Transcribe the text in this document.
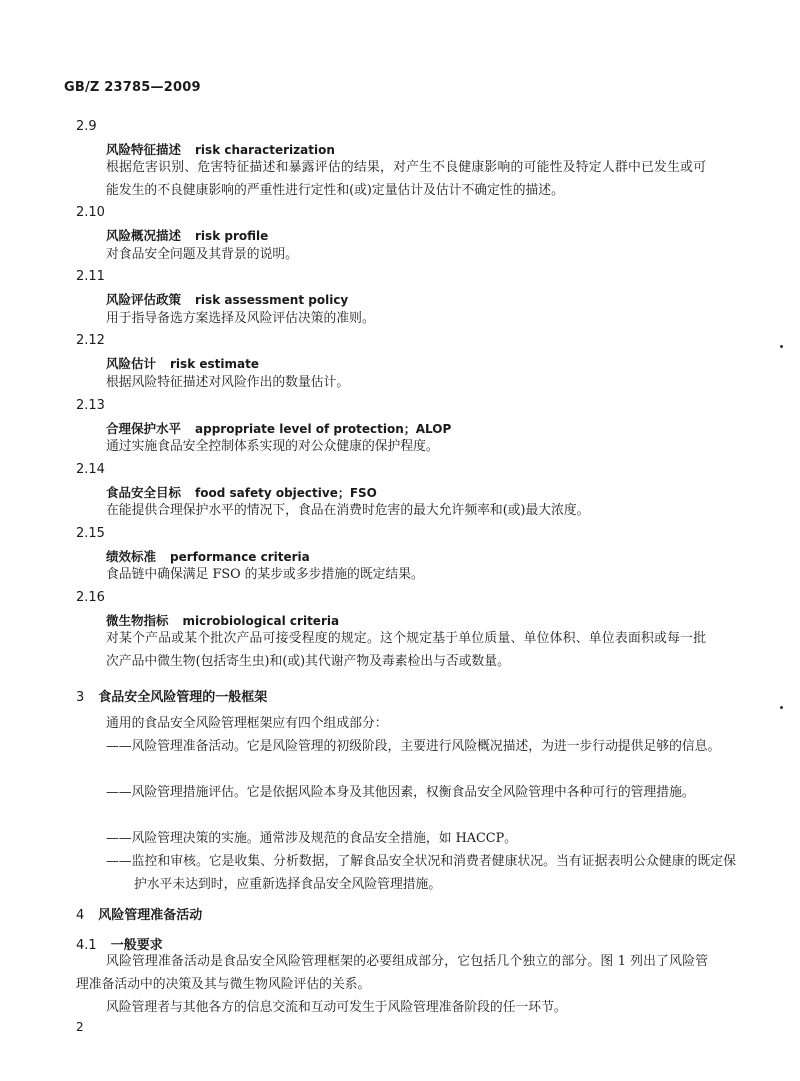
GB/Z 23785—2009
2.9
风险特征描述 risk characterization

根据危害识别、危害特征描述和暴露评估的结果，对产生不良健康影响的可能性及特定人群中已发生或可能发生的不良健康影响的严重性进行定性和(或)定量估计及估计不确定性的描述。

2.10
风险概况描述 risk profile

对食品安全问题及其背景的说明。

2.11
风险评估政策 risk assessment policy

用于指导备选方案选择及风险评估决策的准则。

2.12
风险估计 risk estimate

根据风险特征描述对风险作出的数量估计。

2.13
合理保护水平 appropriate level of protection；ALOP

通过实施食品安全控制体系实现的对公众健康的保护程度。

2.14
食品安全目标 food safety objective；FSO

在能提供合理保护水平的情况下，食品在消费时危害的最大允许频率和(或)最大浓度。

2.15
绩效标准 performance criteria

食品链中确保满足 FSO 的某步或多步措施的既定结果。

2.16
微生物指标 microbiological criteria

对某个产品或某个批次产品可接受程度的规定。这个规定基于单位质量、单位体积、单位表面积或每一批次产品中微生物(包括寄生虫)和(或)其代谢产物及毒素检出与否或数量。

3 食品安全风险管理的一般框架

通用的食品安全风险管理框架应有四个组成部分：

——风险管理准备活动。它是风险管理的初级阶段，主要进行风险概况描述，为进一步行动提供足够的信息。

——风险管理措施评估。它是依据风险本身及其他因素，权衡食品安全风险管理中各种可行的管理措施。

——风险管理决策的实施。通常涉及规范的食品安全措施，如 HACCP。

——监控和审核。它是收集、分析数据，了解食品安全状况和消费者健康状况。当有证据表明公众健康的既定保护水平未达到时，应重新选择食品安全风险管理措施。

4 风险管理准备活动
4.1 一般要求

风险管理准备活动是食品安全风险管理框架的必要组成部分，它包括几个独立的部分。图 1 列出了风险管理准备活动中的决策及其与微生物风险评估的关系。

风险管理者与其他各方的信息交流和互动可发生于风险管理准备阶段的任一环节。

2
